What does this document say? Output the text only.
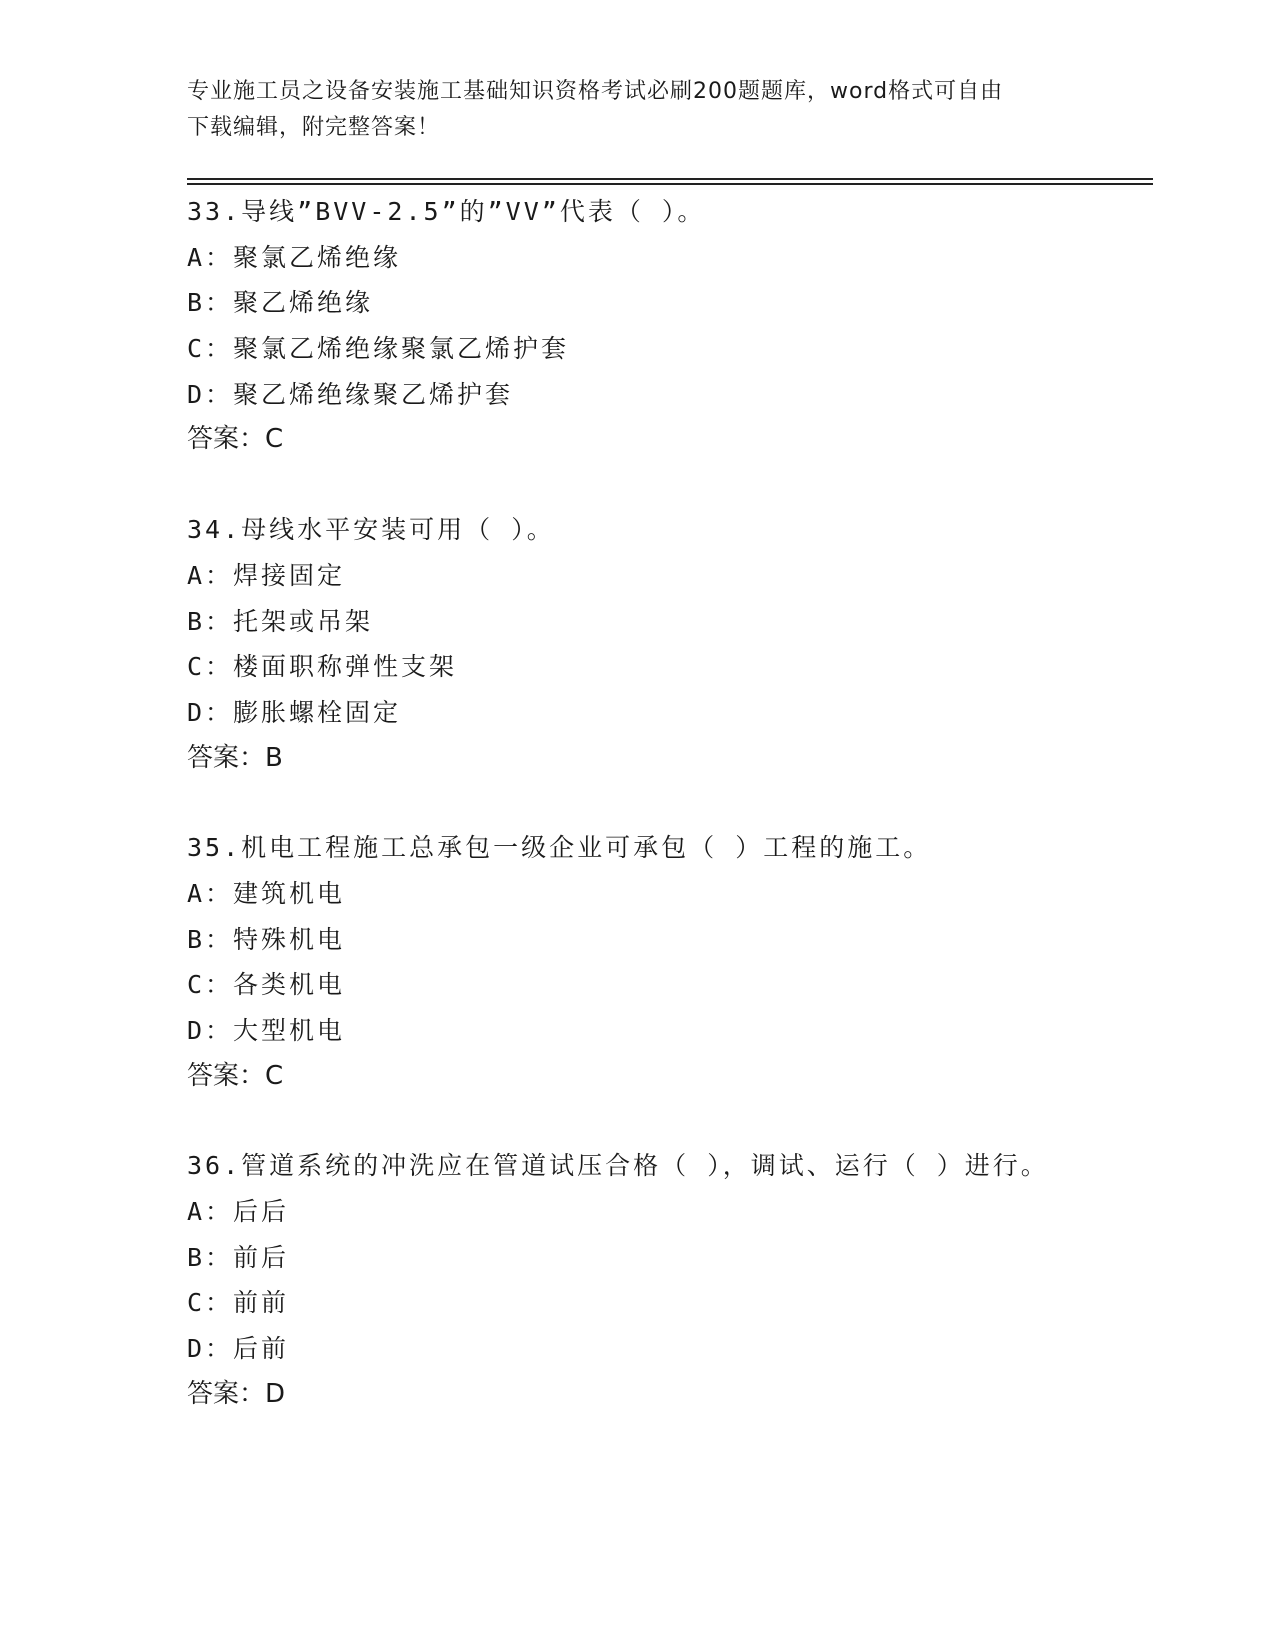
专业施工员之设备安装施工基础知识资格考试必刷200题题库，word格式可自由
下载编辑，附完整答案！
33.导线”BVV-2.5”的”VV”代表（ ）。
A：聚氯乙烯绝缘
B：聚乙烯绝缘
C：聚氯乙烯绝缘聚氯乙烯护套
D：聚乙烯绝缘聚乙烯护套
答案：C
34.母线水平安装可用（ ）。
A：焊接固定
B：托架或吊架
C：楼面职称弹性支架
D：膨胀螺栓固定
答案：B
35.机电工程施工总承包一级企业可承包（ ）工程的施工。
A：建筑机电
B：特殊机电
C：各类机电
D：大型机电
答案：C
36.管道系统的冲洗应在管道试压合格（ ），调试、运行（ ）进行。
A：后后
B：前后
C：前前
D：后前
答案：D
